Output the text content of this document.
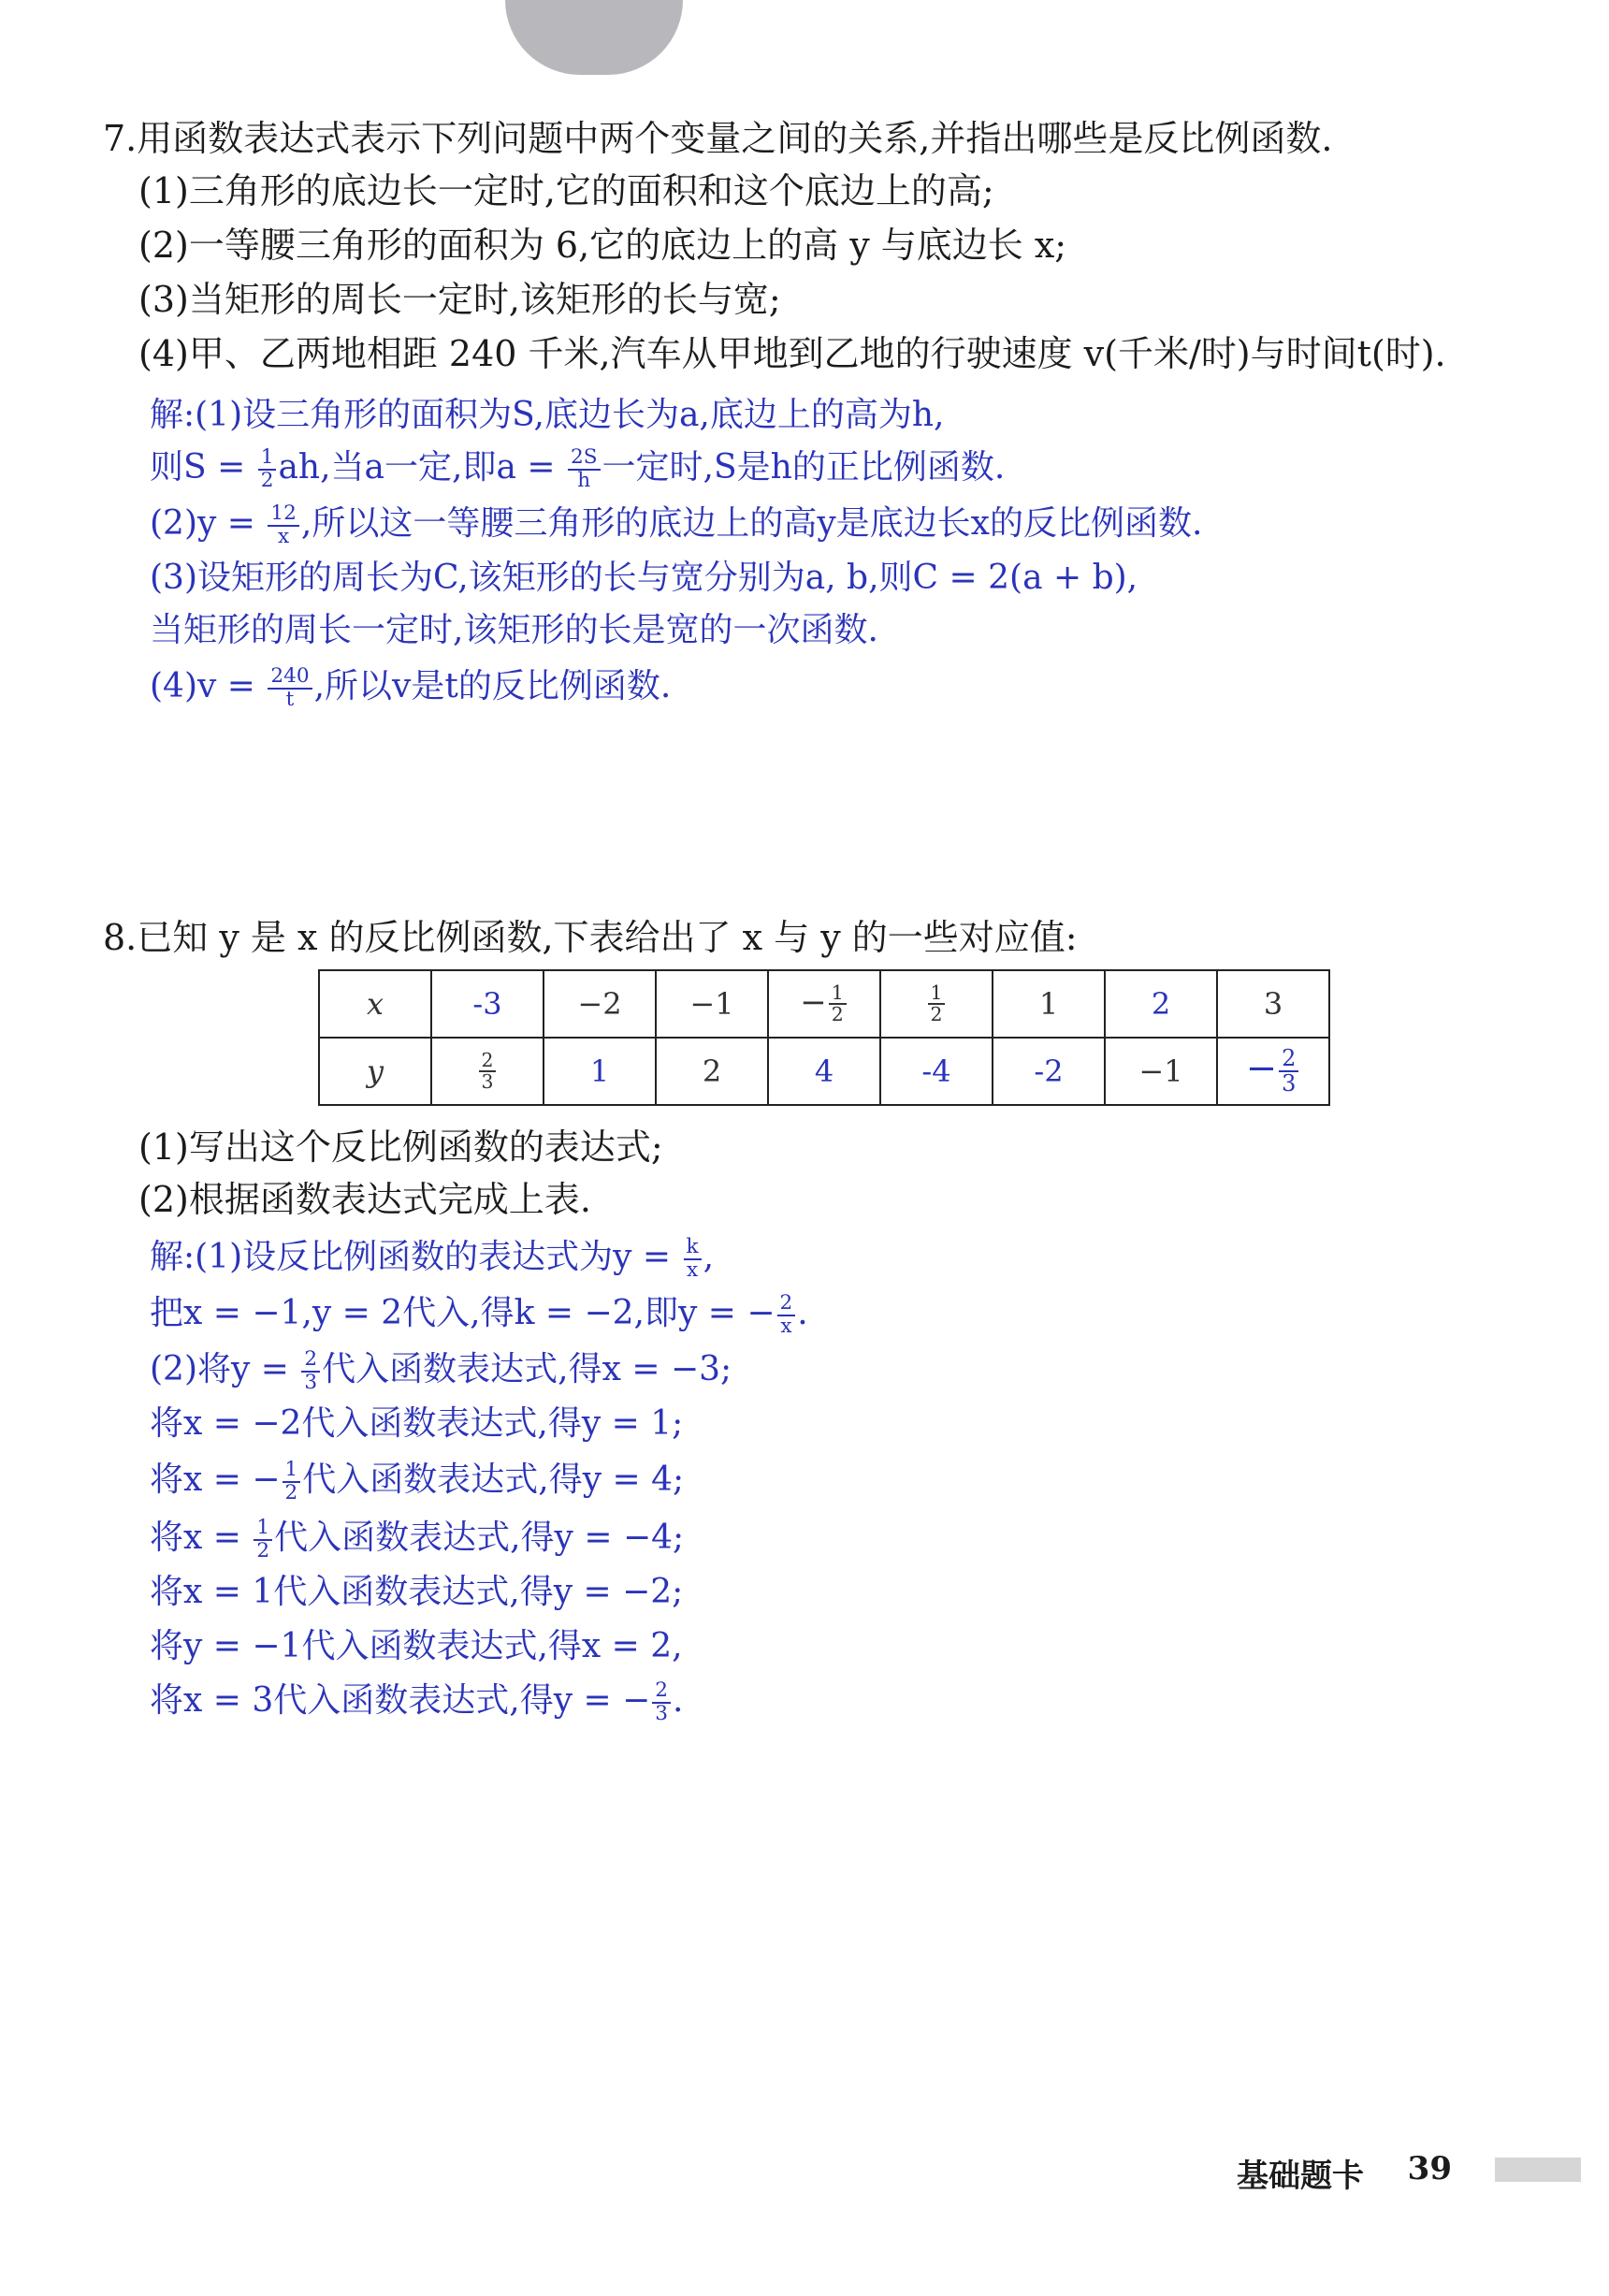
7.用函数表达式表示下列问题中两个变量之间的关系,并指出哪些是反比例函数.
(1)三角形的底边长一定时,它的面积和这个底边上的高;
(2)一等腰三角形的面积为 6,它的底边上的高 y 与底边长 x;
(3)当矩形的周长一定时,该矩形的长与宽;
(4)甲、乙两地相距 240 千米,汽车从甲地到乙地的行驶速度 v(千米/时)与时间t(时).
解:(1)设三角形的面积为S,底边长为a,底边上的高为h,
则$S = \frac{1}{2}$ ah,当a一定,即$a = \frac{2S}{h}$ 一定时,S是h的正比例函数.
$(2)y = \frac{12}{x}$ ,所以这一等腰三角形的底边上的高y是底边长x的反比例函数.
(3)设矩形的周长为C,该矩形的长与宽分别为a, b,则C = 2(a + b),
当矩形的周长一定时,该矩形的长是宽的一次函数.
$(4)v = \frac{240}{t}$ ,所以v是t的反比例函数.
8.已知 y 是 x 的反比例函数,下表给出了 x 与 y 的一些对应值:
x	-3	−2	−1	− $\frac{1}{2}$	$\frac{1}{2}$	1	2	3
y	$\frac{2}{3}$	1	2	4	-4	-2	−1	− $\frac{2}{3}$
(1)写出这个反比例函数的表达式;
(2)根据函数表达式完成上表.
解:(1)设反比例函数的表达式为$y = \frac{k}{x}$ ,
把x = −1,y = 2代入,得k = −2,即y = − $\frac{2}{x}$ .
(2)将$y = \frac{2}{3}$ 代入函数表达式,得x = −3;
将x = −2代入函数表达式,得y = 1;
将x = − $\frac{1}{2}$ 代入函数表达式,得y = 4;
将$x = \frac{1}{2}$ 代入函数表达式,得y = −4;
将x = 1代入函数表达式,得y = −2;
将y = −1代入函数表达式,得x = 2,
将x = 3代入函数表达式,得y = − $\frac{2}{3}$ .
基础题卡 39
